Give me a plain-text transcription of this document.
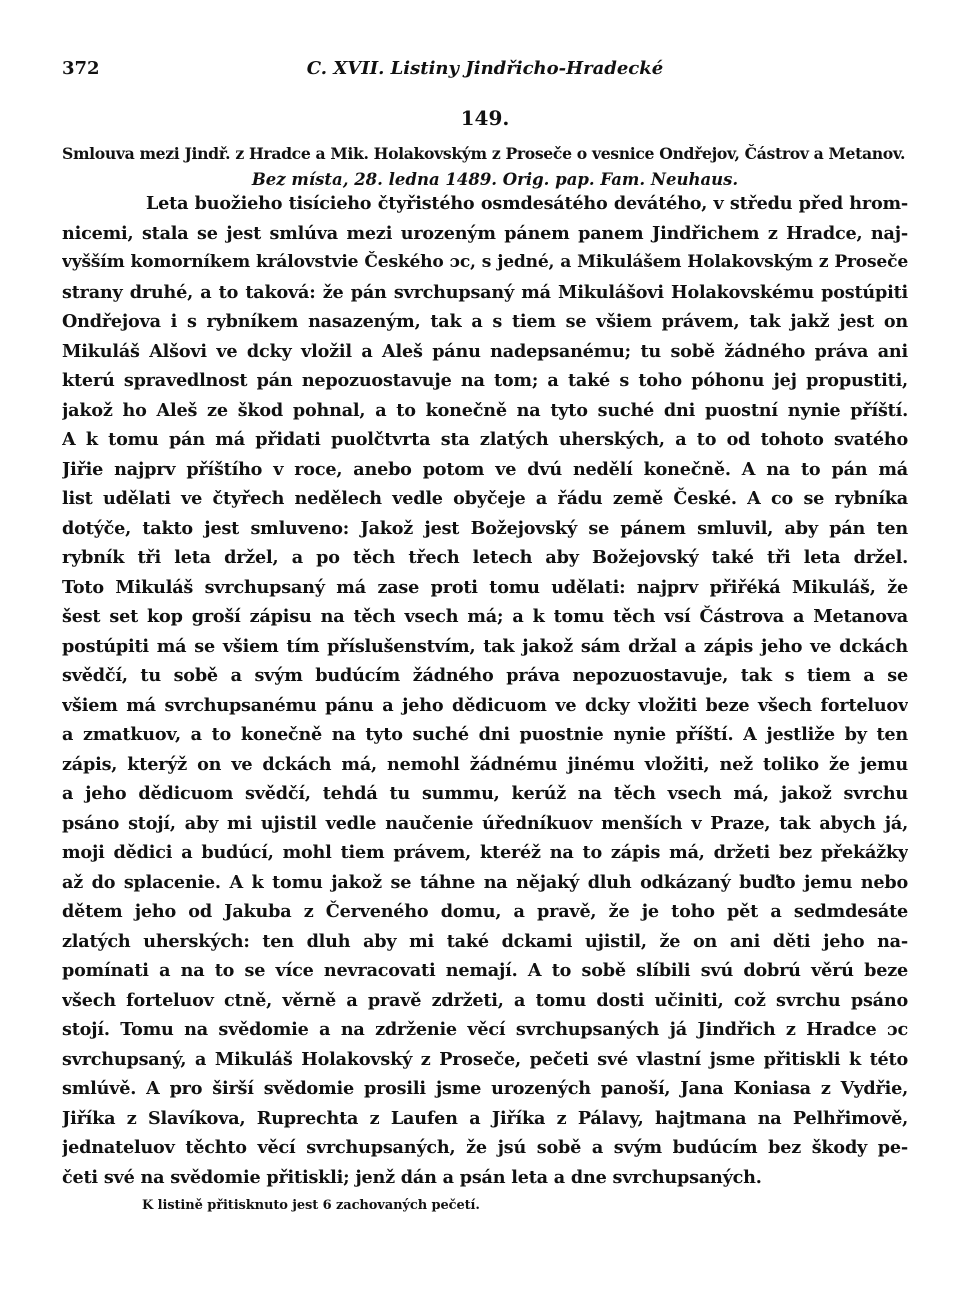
372	C. XVII. Listiny Jindřicho-Hradecké
149.
Smlouva mezi Jindř. z Hradce a Mik. Holakovským z Proseče o vesnice Ondřejov, Částrov a Metanov.
Bez místa, 28. ledna 1489. Orig. pap. Fam. Neuhaus.
Leta buožieho tisícieho čtyřistého osmdesátého devátého, v středu před hrom-
nicemi, stala se jest smlúva mezi urozeným pánem panem Jindřichem z Hradce, naj-
vyšším komorníkem královstvie Českého ɔc, s jedné, a Mikulášem Holakovským z Proseče
strany druhé, a to taková: že pán svrchupsaný má Mikulášovi Holakovskému postúpiti
Ondřejova i s rybníkem nasazeným, tak a s tiem se všiem právem, tak jakž jest on
Mikuláš Alšovi ve dcky vložil a Aleš pánu nadepsanému; tu sobě žádného práva ani
kterú spravedlnost pán nepozuostavuje na tom; a také s toho póhonu jej propustiti,
jakož ho Aleš ze škod pohnal, a to konečně na tyto suché dni puostní nynie příští.
A k tomu pán má přidati puolčtvrta sta zlatých uherských, a to od tohoto svatého
Jiřie najprv příštího v roce, anebo potom ve dvú nedělí konečně. A na to pán má
list udělati ve čtyřech nedělech vedle obyčeje a řádu země České. A co se rybníka
dotýče, takto jest smluveno: Jakož jest Božejovský se pánem smluvil, aby pán ten
rybník tři leta držel, a po těch třech letech aby Božejovský také tři leta držel.
Toto Mikuláš svrchupsaný má zase proti tomu udělati: najprv přiřéká Mikuláš, že
šest set kop groší zápisu na těch vsech má; a k tomu těch vsí Částrova a Metanova
postúpiti má se všiem tím příslušenstvím, tak jakož sám držal a zápis jeho ve dckách
svědčí, tu sobě a svým budúcím žádného práva nepozuostavuje, tak s tiem a se
všiem má svrchupsanému pánu a jeho dědicuom ve dcky vložiti beze všech forteluov
a zmatkuov, a to konečně na tyto suché dni puostnie nynie příští. A jestliže by ten
zápis, kterýž on ve dckách má, nemohl žádnému jinému vložiti, než toliko že jemu
a jeho dědicuom svědčí, tehdá tu summu, kerúž na těch vsech má, jakož svrchu
psáno stojí, aby mi ujistil vedle naučenie úředníkuov menších v Praze, tak abych já,
moji dědici a budúcí, mohl tiem právem, kteréž na to zápis má, držeti bez překážky
až do splacenie. A k tomu jakož se táhne na nějaký dluh odkázaný buďto jemu nebo
dětem jeho od Jakuba z Červeného domu, a pravě, že je toho pět a sedmdesáte
zlatých uherských: ten dluh aby mi také dckami ujistil, že on ani děti jeho na-
pomínati a na to se více nevracovati nemají. A to sobě slíbili svú dobrú věrú beze
všech forteluov ctně, věrně a pravě zdržeti, a tomu dosti učiniti, což svrchu psáno
stojí. Tomu na svědomie a na zdrženie věcí svrchupsaných já Jindřich z Hradce ɔc
svrchupsaný, a Mikuláš Holakovský z Proseče, pečeti své vlastní jsme přitiskli k této
smlúvě. A pro širší svědomie prosili jsme urozených panoší, Jana Koniasa z Vydřie,
Jiříka z Slavíkova, Ruprechta z Laufen a Jiříka z Pálavy, hajtmana na Pelhřimově,
jednateluov těchto věcí svrchupsaných, že jsú sobě a svým budúcím bez škody pe-
četi své na svědomie přitiskli; jenž dán a psán leta a dne svrchupsaných.
K listině přitisknuto jest 6 zachovaných pečetí.
